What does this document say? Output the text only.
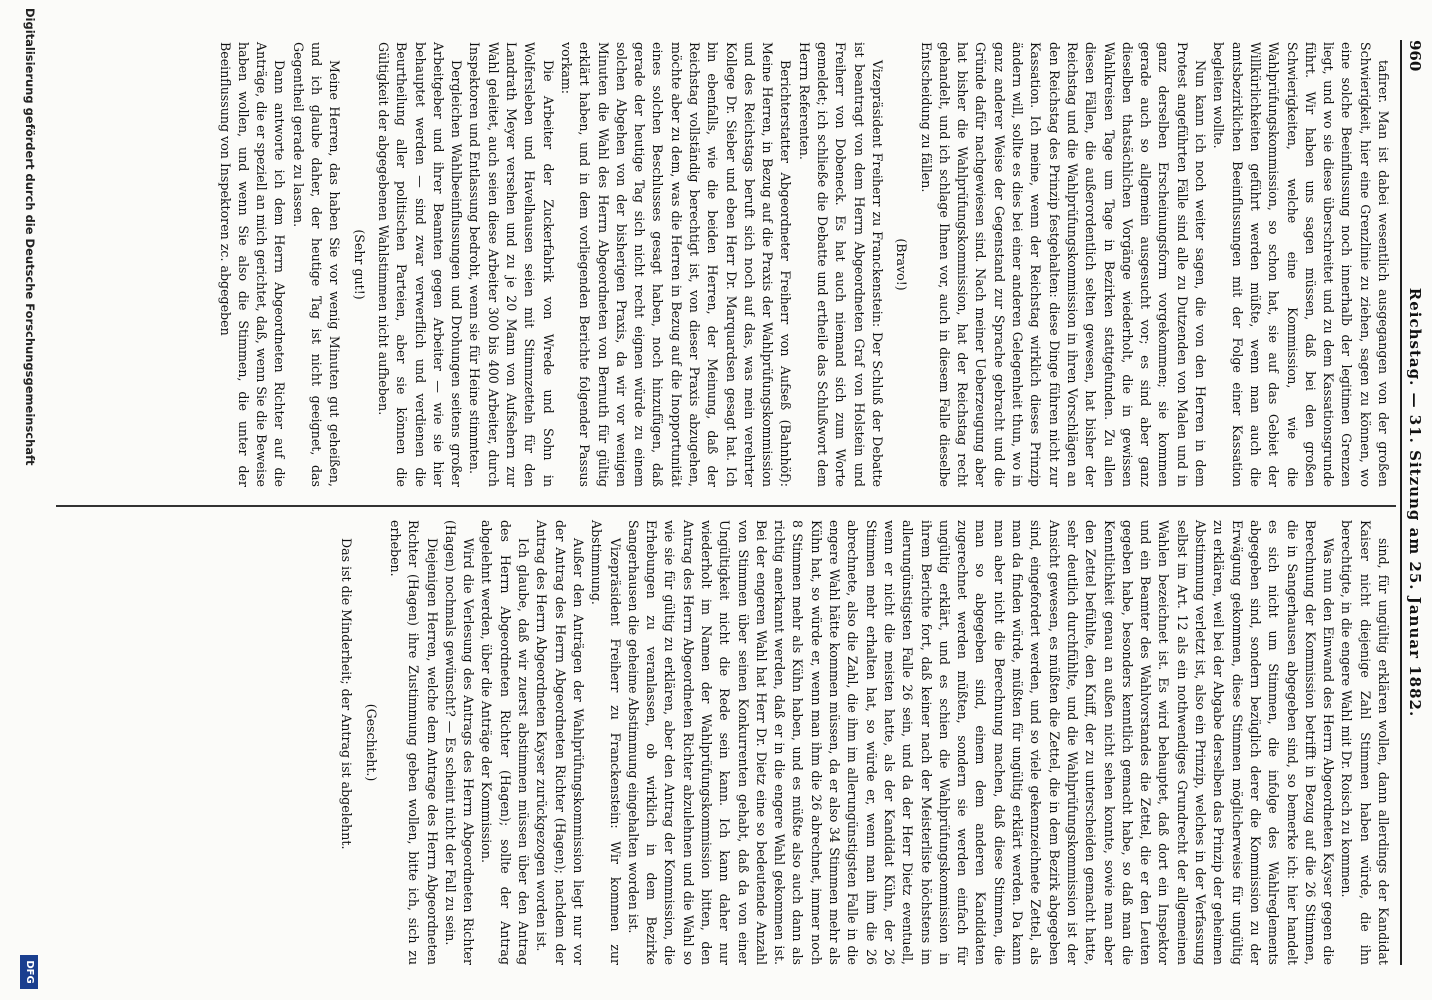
960
Reichstag. — 31. Sitzung am 25. Januar 1882.

tafirer. Man ist dabei wesentlich ausgegangen von der großen Schwierigkeit, hier eine Grenzlinie zu ziehen, sagen zu können, wo eine solche Beeinflussung noch innerhalb der legitimen Grenzen liegt, und wo sie diese überschreitet und zu dem Kassationsgrunde führt. Wir haben uns sagen müssen, daß bei den großen Schwierigkeiten, welche eine Kommission, wie die Wahlprüfungskommission, so schon hat, sie auf das Gebiet der Willkürlichkeiten geführt werden müßte, wenn man auch die amtsbezirklichen Beeinflussungen mit der Folge einer Kassation begleiten wollte.

Nun kann ich noch weiter sagen, die von den Herren in dem Protest angeführten Fälle sind alle zu Dutzenden von Malen und in ganz derselben Erscheinungsform vorgekommen; sie kommen gerade auch so allgemein ausgesucht vor; es sind aber ganz dieselben thatsächlichen Vorgänge wiederholt, die in gewissen Wahlkreisen Tage um Tage in Bezirken stattgefunden. Zu allen diesen Fällen, die außerordentlich selten gewesen, hat bisher der Reichstag und die Wahlprüfungskommission in ihren Vorschlägen an den Reichstag des Prinzip festgehalten: diese Dinge führen nicht zur Kassation. Ich meine, wenn der Reichstag wirklich dieses Prinzip ändern will, sollte es dies bei einer anderen Gelegenheit thun, wo in ganz anderer Weise der Gegenstand zur Sprache gebracht und die Gründe dafür nachgewiesen sind. Nach meiner Ueberzeugung aber hat bisher die Wahlprüfungskommission, hat der Reichstag recht gehandelt, und ich schlage Ihnen vor, auch in diesem Falle dieselbe Entscheidung zu fällen.

(Bravo!)

Vizepräsident Freiherr zu Franckenstein: Der Schluß der Debatte ist beantragt von dem Herrn Abgeordneten Graf von Holstein und Freiherr von Dobeneck. Es hat auch niemand sich zum Worte gemeldet; ich schließe die Debatte und ertheile das Schlußwort dem Herrn Referenten.

Berichterstatter Abgeordneter Freiherr von Aufseß (Bahnhöf): Meine Herren, in Bezug auf die Praxis der Wahlprüfungskommission und des Reichstags beruft sich noch auf das, was mein verehrter Kollege Dr. Sieber und eben Herr Dr. Marquardsen gesagt hat. Ich bin ebenfalls, wie die beiden Herren, der Meinung, daß der Reichstag vollständig berechtigt ist, von dieser Praxis abzugehen, möchte aber zu dem, was die Herren in Bezug auf die Inopportunität eines solchen Beschlusses gesagt haben, noch hinzufügen, daß gerade der heutige Tag sich nicht recht eignen würde zu einem solchen Abgehen von der bisherigen Praxis, da wir vor wenigen Minuten die Wahl des Herrn Abgeordneten von Bernuth für gültig erklärt haben, und in dem vorliegenden Berichte folgender Passus vorkam:

Die Arbeiter der Zuckerfabrik von Wrede und Sohn in Wolfersleben und Havelhausen seien mit Stimmzetteln für den Landrath Meyer versehen und zu je 20 Mann von Aufsehern zur Wahl geleitet, auch seien diese Arbeiter 300 bis 400 Arbeiter, durch Inspektoren und Entlassung bedroht, wenn sie für Heine stimmten.

Dergleichen Wahlbeeinflussungen und Drohungen seitens großer Arbeitgeber und ihrer Beamten gegen Arbeiter — wie sie hier behauptet werden — sind zwar verwerflich und verdienen die Beurtheilung aller politischen Parteien, aber sie können die Gültigkeit der abgegebenen Wahlstimmen nicht aufheben.

(Sehr gut!)

Meine Herren, das haben Sie vor wenig Minuten gut geheißen, und ich glaube daher, der heutige Tag ist nicht geeignet, das Gegentheil gerade zu lassen.

Dann antworte ich dem Herrn Abgeordneten Richter auf die Anträge, die er speziell an mich gerichtet, daß, wenn Sie die Beweise haben wollen, und wenn Sie also die Stimmen, die unter der Beeinflussung von Inspektoren zc. abgegeben

sind, für ungültig erklären wollen, dann allerdings der Kandidat Kaiser nicht diejenige Zahl Stimmen haben würde, die ihn berechtigte, in die engere Wahl mit Dr. Roisch zu kommen.

Was nun den Einwand des Herrn Abgeordneten Kayser gegen die Berechnung der Kommission betrifft in Bezug auf die 26 Stimmen, die in Sangerhausen abgegeben sind, so bemerke ich: hier handelt es sich nicht um Stimmen, die infolge des Wahlreglements abgegeben sind, sondern bezüglich derer die Kommission zu der Erwägung gekommen, diese Stimmen möglicherweise für ungültig zu erklären, weil bei der Abgabe derselben das Prinzip der geheimen Abstimmung verletzt ist, also ein Prinzip, welches in der Verfassung selbst im Art. 12 als ein nothwendiges Grundrecht der allgemeinen Wahlen bezeichnet ist. Es wird behauptet, daß dort ein Inspektor und ein Beamter des Wahlvorstandes die Zettel, die er den Leuten gegeben habe, besonders kenntlich gemacht habe, so daß man die Kenntlichkeit genau an außen nicht sehen konnte, sowie man aber den Zettel befühlte, den Kniff, der zu unterscheiden gemacht hatte, sehr deutlich durchfühlte, und die Wahlprüfungskommission ist der Ansicht gewesen, es müßten die Zettel, die in dem Bezirk abgegeben sind, eingefordert werden, und so viele gekennzeichnete Zettel, als man da finden würde, müßten für ungültig erklärt werden. Da kann man aber nicht die Berechnung machen, daß diese Stimmen, die man so abgegeben sind, einem dem anderen Kandidaten zugerechnet werden müßten, sondern sie werden einfach für ungültig erklärt, und es schien die Wahlprüfungskommission in ihrem Berichte fort, daß keiner nach der Meisterliste höchstens im allerungünstigsten Falle 26 sein, und da der Herr Dietz eventuell, wenn er nicht die meisten hatte, als der Kandidat Kühn, der 26 Stimmen mehr erhalten hat, so würde er, wenn man ihm die 26 abrechnete, also die Zahl, die ihm im allerungünstigsten Falle in die engere Wahl hätte kommen müssen, da er also 34 Stimmen mehr als Kühn hat, so würde er, wenn man ihm die 26 abrechnet, immer noch 8 Stimmen mehr als Kühn haben, und es müßte also auch dann als richtig anerkannt werden, daß er in die engere Wahl gekommen ist. Bei der engeren Wahl hat Herr Dr. Dietz eine so bedeutende Anzahl von Stimmen über seinen Konkurrenten gehabt, daß da von einer Ungültigkeit nicht die Rede sein kann. Ich kann daher nur wiederholt im Namen der Wahlprüfungskommission bitten, den Antrag des Herrn Abgeordneten Richter abzulehnen und die Wahl so wie sie für gültig zu erklären, aber den Antrag der Kommission, die Erhebungen zu veranlassen, ob wirklich in dem Bezirke Sangerhausen die geheime Abstimmung eingehalten worden ist.

Vizepräsident Freiherr zu Franckenstein: Wir kommen zur Abstimmung.

Außer den Anträgen der Wahlprüfungskommission liegt nur vor der Antrag des Herrn Abgeordneten Richter (Hagen); nachdem der Antrag des Herrn Abgeordneten Kayser zurückgezogen worden ist.

Ich glaube, daß wir zuerst abstimmen müssen über den Antrag des Herrn Abgeordneten Richter (Hagen); sollte der Antrag abgelehnt werden, über die Anträge der Kommission.

Wird die Verlesung des Antrags des Herrn Abgeordneten Richter (Hagen) nochmals gewünscht? — Es scheint nicht der Fall zu sein.

Diejenigen Herren, welche dem Antrage des Herrn Abgeordneten Richter (Hagen) ihre Zustimmung geben wollen, bitte ich, sich zu erheben.

(Geschieht.)

Das ist die Minderheit; der Antrag ist abgelehnt.

Digitalisierung gefördert durch die Deutsche Forschungsgemeinschaft
DFG
